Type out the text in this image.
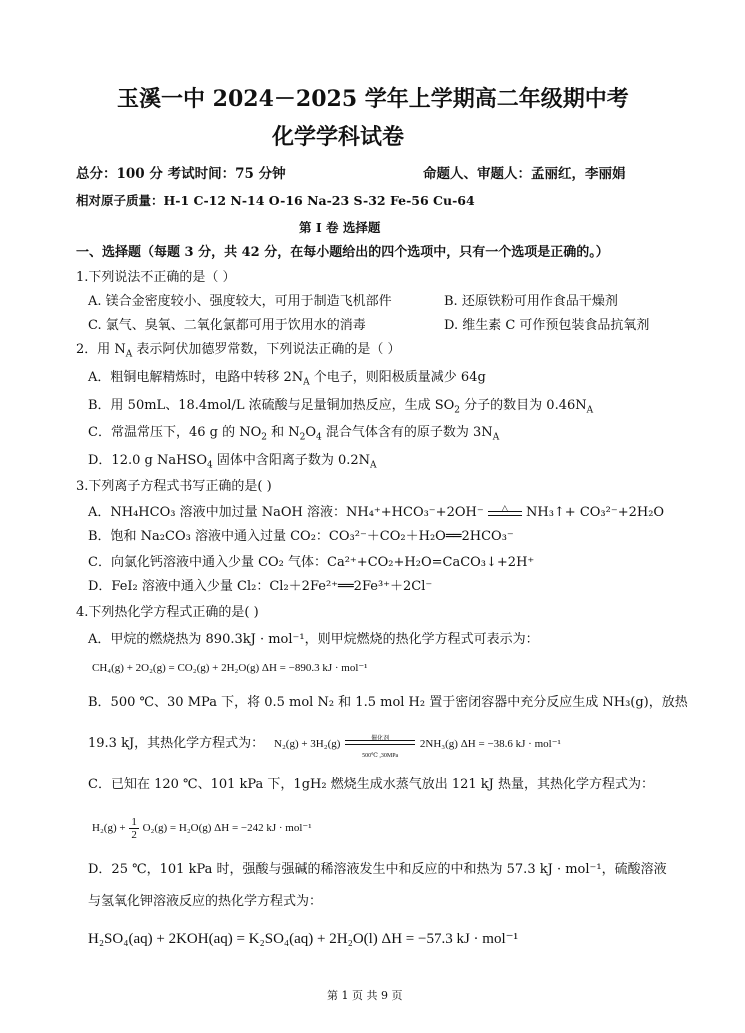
玉溪一中 2024－2025 学年上学期高二年级期中考
化学学科试卷
总分：100 分 考试时间：75 分钟	命题人、审题人：孟丽红，李丽娟
相对原子质量：H-1 C-12 N-14 O-16 Na-23 S-32 Fe-56 Cu-64
第 I 卷 选择题
一、选择题（每题 3 分，共 42 分，在每小题给出的四个选项中，只有一个选项是正确的。）
1.下列说法不正确的是（ ）
A. 镁合金密度较小、强度较大，可用于制造飞机部件	B. 还原铁粉可用作食品干燥剂
C. 氯气、臭氧、二氧化氯都可用于饮用水的消毒	D. 维生素 C 可作预包装食品抗氧剂
2．用 $N_A$ 表示阿伏加德罗常数，下列说法正确的是（ ）
A．粗铜电解精炼时，电路中转移 $2N_A$ 个电子，则阳极质量减少 64g
B．用 50mL、18.4mol/L 浓硫酸与足量铜加热反应，生成 $SO_2$ 分子的数目为 $0.46N_A$
C．常温常压下，46 g 的 $NO_2$ 和 $N_2O_4$ 混合气体含有的原子数为 $3N_A$
D．12.0 g NaHSO$_4$ 固体中含阳离子数为 $0.2N_A$
3.下列离子方程式书写正确的是( )
A．NH₄HCO₃ 溶液中加过量 NaOH 溶液：NH₄⁺+HCO₃⁻+2OH⁻	△	NH₃↑+ CO₃²⁻+2H₂O
B．饱和 Na₂CO₃ 溶液中通入过量 CO₂：CO₃²⁻＋CO₂＋H₂O══2HCO₃⁻
C．向氯化钙溶液中通入少量 CO₂ 气体：Ca²⁺+CO₂+H₂O=CaCO₃↓+2H⁺
D．FeI₂ 溶液中通入少量 Cl₂：Cl₂＋2Fe²⁺══2Fe³⁺＋2Cl⁻
4.下列热化学方程式正确的是( )
A．甲烷的燃烧热为 890.3kJ · mol⁻¹，则甲烷燃烧的热化学方程式可表示为：
CH₄(g) + 2O₂(g) = CO₂(g) + 2H₂O(g) ΔH = −890.3 kJ · mol⁻¹
B．500 ℃、30 MPa 下，将 0.5 mol N₂ 和 1.5 mol H₂ 置于密闭容器中充分反应生成 NH₃(g)，放热
19.3 kJ，其热化学方程式为： N₂(g) + 3H₂(g)	催化剂
500℃ ,30MPa
2NH₃(g) ΔH = −38.6 kJ · mol⁻¹
C．已知在 120 ℃、101 kPa 下，1gH₂ 燃烧生成水蒸气放出 121 kJ 热量，其热化学方程式为：
$H_2(g) + \frac{1}{2} O_2(g) = H_2O(g) \Delta H = -242$ kJ · mol⁻¹
D．25 ℃，101 kPa 时，强酸与强碱的稀溶液发生中和反应的中和热为 57.3 kJ · mol⁻¹，硫酸溶液
与氢氧化钾溶液反应的热化学方程式为：
H₂SO₄(aq) + 2KOH(aq) = K₂SO₄(aq) + 2H₂O(l) ΔH = −57.3 kJ · mol⁻¹
第 1 页 共 9 页
